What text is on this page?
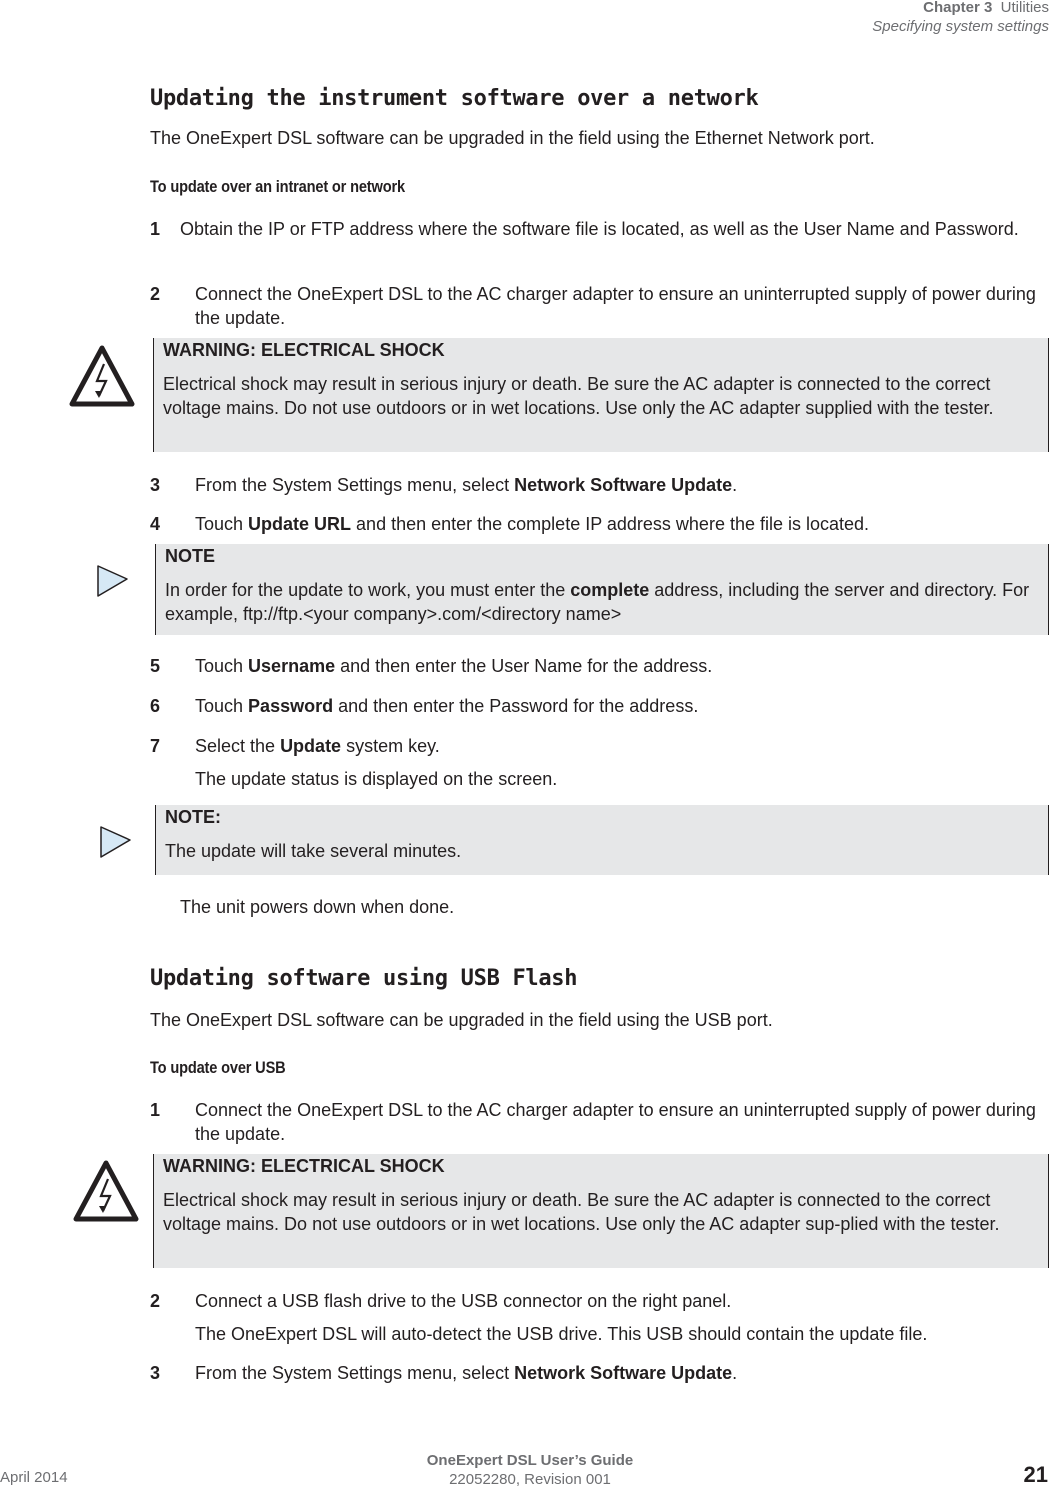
Chapter 3 Utilities
Specifying system settings
Updating the instrument software over a network
The OneExpert DSL software can be upgraded in the field using the Ethernet Network port.
To update over an intranet or network
1 Obtain the IP or FTP address where the software file is located, as well as the User Name and Password.
2 Connect the OneExpert DSL to the AC charger adapter to ensure an uninterrupted supply of power during the update.
WARNING: ELECTRICAL SHOCK
Electrical shock may result in serious injury or death. Be sure the AC adapter is connected to the correct voltage mains. Do not use outdoors or in wet locations. Use only the AC adapter supplied with the tester.
3 From the System Settings menu, select Network Software Update.
4 Touch Update URL and then enter the complete IP address where the file is located.
NOTE
In order for the update to work, you must enter the complete address, including the server and directory. For example, ftp://ftp.<your company>.com/<directory name>
5 Touch Username and then enter the User Name for the address.
6 Touch Password and then enter the Password for the address.
7 Select the Update system key.
The update status is displayed on the screen.
NOTE:
The update will take several minutes.
The unit powers down when done.
Updating software using USB Flash
The OneExpert DSL software can be upgraded in the field using the USB port.
To update over USB
1 Connect the OneExpert DSL to the AC charger adapter to ensure an uninterrupted supply of power during the update.
WARNING: ELECTRICAL SHOCK
Electrical shock may result in serious injury or death. Be sure the AC adapter is connected to the correct voltage mains. Do not use outdoors or in wet locations. Use only the AC adapter sup-plied with the tester.
2 Connect a USB flash drive to the USB connector on the right panel.
The OneExpert DSL will auto-detect the USB drive. This USB should contain the update file.
3 From the System Settings menu, select Network Software Update.
April 2014
OneExpert DSL User’s Guide
22052280, Revision 001	21
